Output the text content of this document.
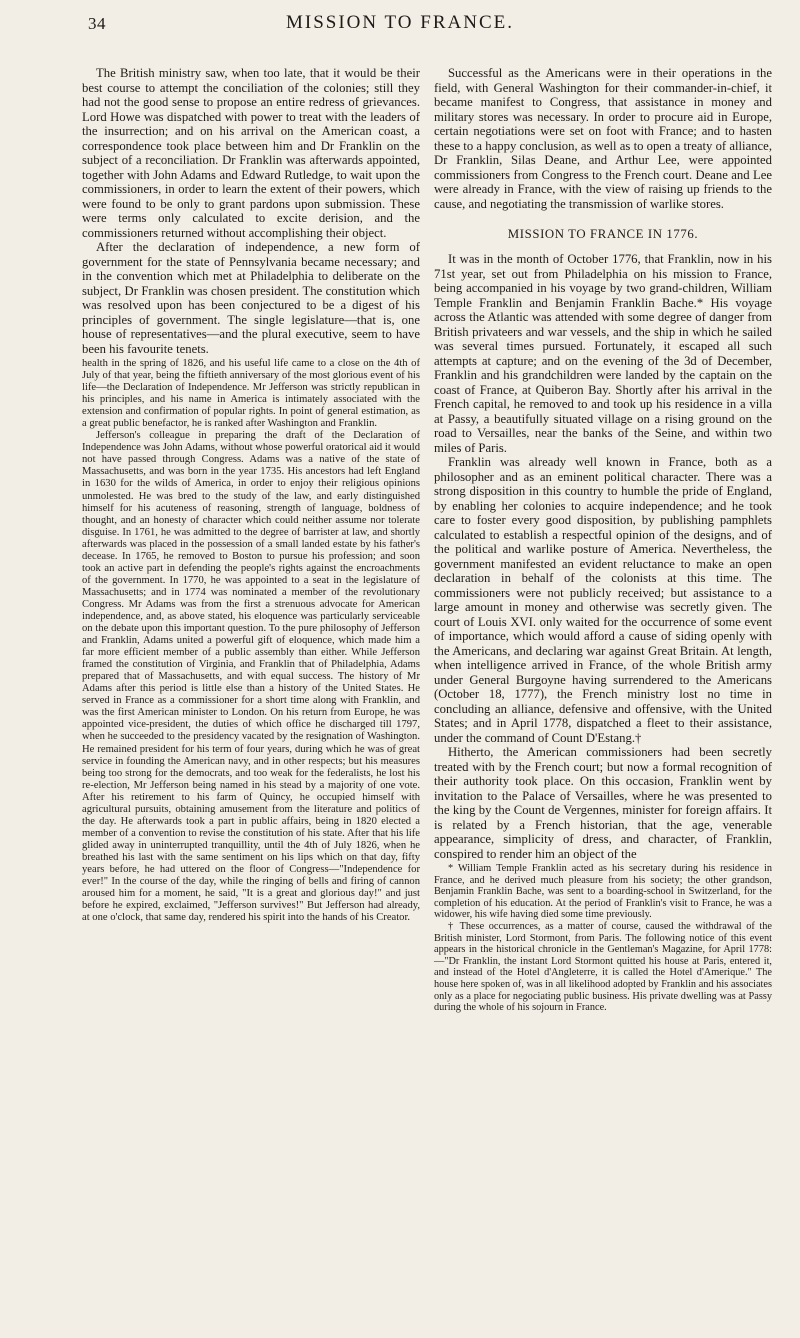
34	MISSION TO FRANCE.

The British ministry saw, when too late, that it would be their best course to attempt the conciliation of the colonies; still they had not the good sense to propose an entire redress of grievances. Lord Howe was dispatched with power to treat with the leaders of the insurrection; and on his arrival on the American coast, a correspondence took place between him and Dr Franklin on the subject of a reconciliation. Dr Franklin was afterwards appointed, together with John Adams and Edward Rutledge, to wait upon the commissioners, in order to learn the extent of their powers, which were found to be only to grant pardons upon submission. These were terms only calculated to excite derision, and the commissioners returned without accomplishing their object.

After the declaration of independence, a new form of government for the state of Pennsylvania became necessary; and in the convention which met at Philadelphia to deliberate on the subject, Dr Franklin was chosen president. The constitution which was resolved upon has been conjectured to be a digest of his principles of government. The single legislature—that is, one house of representatives—and the plural executive, seem to have been his favourite tenets.

health in the spring of 1826, and his useful life came to a close on the 4th of July of that year, being the fiftieth anniversary of the most glorious event of his life—the Declaration of Independence. Mr Jefferson was strictly republican in his principles, and his name in America is intimately associated with the extension and confirmation of popular rights. In point of general estimation, as a great public benefactor, he is ranked after Washington and Franklin.

Jefferson's colleague in preparing the draft of the Declaration of Independence was John Adams, without whose powerful oratorical aid it would not have passed through Congress. Adams was a native of the state of Massachusetts, and was born in the year 1735. His ancestors had left England in 1630 for the wilds of America, in order to enjoy their religious opinions unmolested. He was bred to the study of the law, and early distinguished himself for his acuteness of reasoning, strength of language, boldness of thought, and an honesty of character which could neither assume nor tolerate disguise. In 1761, he was admitted to the degree of barrister at law, and shortly afterwards was placed in the possession of a small landed estate by his father's decease. In 1765, he removed to Boston to pursue his profession; and soon took an active part in defending the people's rights against the encroachments of the government. In 1770, he was appointed to a seat in the legislature of Massachusetts; and in 1774 was nominated a member of the revolutionary Congress. Mr Adams was from the first a strenuous advocate for American independence, and, as above stated, his eloquence was particularly serviceable on the debate upon this important question. To the pure philosophy of Jefferson and Franklin, Adams united a powerful gift of eloquence, which made him a far more efficient member of a public assembly than either. While Jefferson framed the constitution of Virginia, and Franklin that of Philadelphia, Adams prepared that of Massachusetts, and with equal success. The history of Mr Adams after this period is little else than a history of the United States. He served in France as a commissioner for a short time along with Franklin, and was the first American minister to London. On his return from Europe, he was appointed vice-president, the duties of which office he discharged till 1797, when he succeeded to the presidency vacated by the resignation of Washington. He remained president for his term of four years, during which he was of great service in founding the American navy, and in other respects; but his measures being too strong for the democrats, and too weak for the federalists, he lost his re-election, Mr Jefferson being named in his stead by a majority of one vote. After his retirement to his farm of Quincy, he occupied himself with agricultural pursuits, obtaining amusement from the literature and politics of the day. He afterwards took a part in public affairs, being in 1820 elected a member of a convention to revise the constitution of his state. After that his life glided away in uninterrupted tranquillity, until the 4th of July 1826, when he breathed his last with the same sentiment on his lips which on that day, fifty years before, he had uttered on the floor of Congress—"Independence for ever!" In the course of the day, while the ringing of bells and firing of cannon aroused him for a moment, he said, "It is a great and glorious day!" and just before he expired, exclaimed, "Jefferson survives!" But Jefferson had already, at one o'clock, that same day, rendered his spirit into the hands of his Creator.

Successful as the Americans were in their operations in the field, with General Washington for their commander-in-chief, it became manifest to Congress, that assistance in money and military stores was necessary. In order to procure aid in Europe, certain negotiations were set on foot with France; and to hasten these to a happy conclusion, as well as to open a treaty of alliance, Dr Franklin, Silas Deane, and Arthur Lee, were appointed commissioners from Congress to the French court. Deane and Lee were already in France, with the view of raising up friends to the cause, and negotiating the transmission of warlike stores.

MISSION TO FRANCE IN 1776.

It was in the month of October 1776, that Franklin, now in his 71st year, set out from Philadelphia on his mission to France, being accompanied in his voyage by two grand-children, William Temple Franklin and Benjamin Franklin Bache.* His voyage across the Atlantic was attended with some degree of danger from British privateers and war vessels, and the ship in which he sailed was several times pursued. Fortunately, it escaped all such attempts at capture; and on the evening of the 3d of December, Franklin and his grandchildren were landed by the captain on the coast of France, at Quiberon Bay. Shortly after his arrival in the French capital, he removed to and took up his residence in a villa at Passy, a beautifully situated village on a rising ground on the road to Versailles, near the banks of the Seine, and within two miles of Paris.

Franklin was already well known in France, both as a philosopher and as an eminent political character. There was a strong disposition in this country to humble the pride of England, by enabling her colonies to acquire independence; and he took care to foster every good disposition, by publishing pamphlets calculated to establish a respectful opinion of the designs, and of the political and warlike posture of America. Nevertheless, the government manifested an evident reluctance to make an open declaration in behalf of the colonists at this time. The commissioners were not publicly received; but assistance to a large amount in money and otherwise was secretly given. The court of Louis XVI. only waited for the occurrence of some event of importance, which would afford a cause of siding openly with the Americans, and declaring war against Great Britain. At length, when intelligence arrived in France, of the whole British army under General Burgoyne having surrendered to the Americans (October 18, 1777), the French ministry lost no time in concluding an alliance, defensive and offensive, with the United States; and in April 1778, dispatched a fleet to their assistance, under the command of Count D'Estang.†

Hitherto, the American commissioners had been secretly treated with by the French court; but now a formal recognition of their authority took place. On this occasion, Franklin went by invitation to the Palace of Versailles, where he was presented to the king by the Count de Vergennes, minister for foreign affairs. It is related by a French historian, that the age, venerable appearance, simplicity of dress, and character, of Franklin, conspired to render him an object of the

* William Temple Franklin acted as his secretary during his residence in France, and he derived much pleasure from his society; the other grandson, Benjamin Franklin Bache, was sent to a boarding-school in Switzerland, for the completion of his education. At the period of Franklin's visit to France, he was a widower, his wife having died some time previously.

† These occurrences, as a matter of course, caused the withdrawal of the British minister, Lord Stormont, from Paris. The following notice of this event appears in the historical chronicle in the Gentleman's Magazine, for April 1778:—"Dr Franklin, the instant Lord Stormont quitted his house at Paris, entered it, and instead of the Hotel d'Angleterre, it is called the Hotel d'Amerique." The house here spoken of, was in all likelihood adopted by Franklin and his associates only as a place for negociating public business. His private dwelling was at Passy during the whole of his sojourn in France.
